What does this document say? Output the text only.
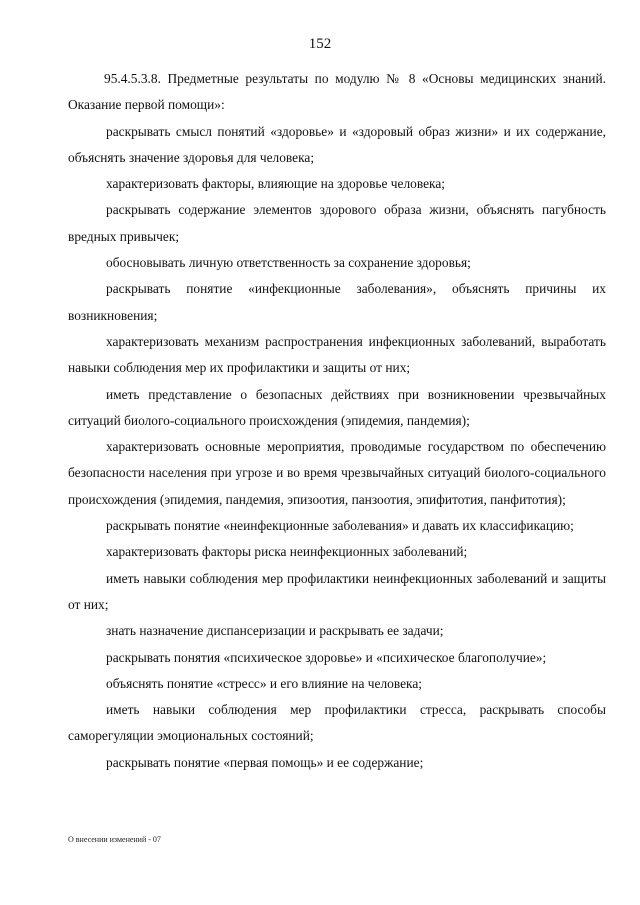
152

95.4.5.3.8. Предметные результаты по модулю № 8 «Основы медицинских знаний. Оказание первой помощи»:

раскрывать смысл понятий «здоровье» и «здоровый образ жизни» и их содержание, объяснять значение здоровья для человека;

характеризовать факторы, влияющие на здоровье человека;

раскрывать содержание элементов здорового образа жизни, объяснять пагубность вредных привычек;

обосновывать личную ответственность за сохранение здоровья;

раскрывать понятие «инфекционные заболевания», объяснять причины их возникновения;

характеризовать механизм распространения инфекционных заболеваний, выработать навыки соблюдения мер их профилактики и защиты от них;

иметь представление о безопасных действиях при возникновении чрезвычайных ситуаций биолого-социального происхождения (эпидемия, пандемия);

характеризовать основные мероприятия, проводимые государством по обеспечению безопасности населения при угрозе и во время чрезвычайных ситуаций биолого-социального происхождения (эпидемия, пандемия, эпизоотия, панзоотия, эпифитотия, панфитотия);

раскрывать понятие «неинфекционные заболевания» и давать их классификацию;

характеризовать факторы риска неинфекционных заболеваний;

иметь навыки соблюдения мер профилактики неинфекционных заболеваний и защиты от них;

знать назначение диспансеризации и раскрывать ее задачи;

раскрывать понятия «психическое здоровье» и «психическое благополучие»;

объяснять понятие «стресс» и его влияние на человека;

иметь навыки соблюдения мер профилактики стресса, раскрывать способы саморегуляции эмоциональных состояний;

раскрывать понятие «первая помощь» и ее содержание;

О внесении изменений - 07
